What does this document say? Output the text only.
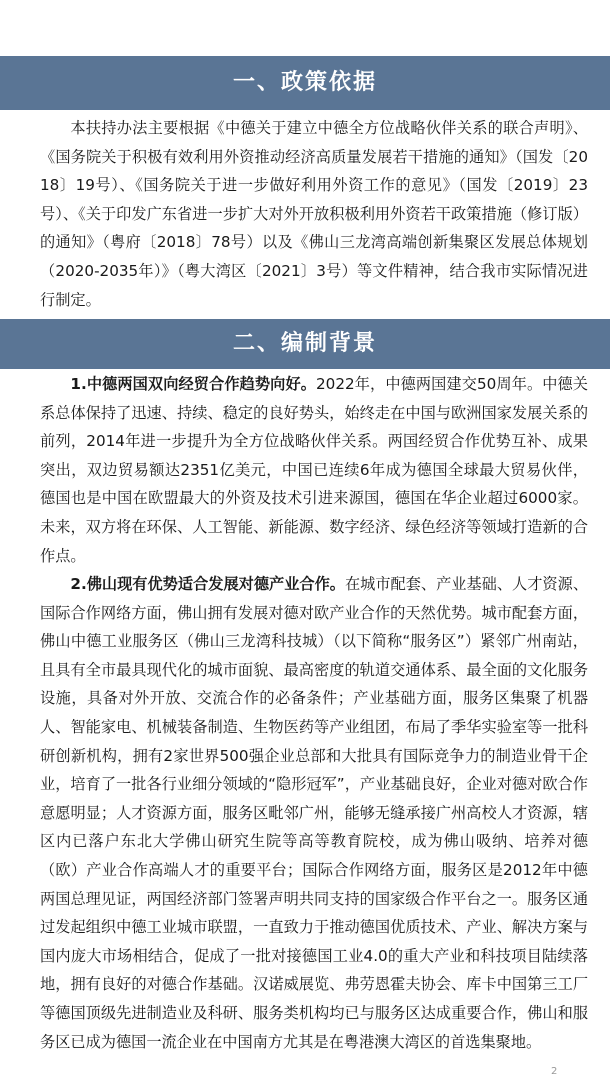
一、政策依据

本扶持办法主要根据《中德关于建立中德全方位战略伙伴关系的联合声明》、《国务院关于积极有效利用外资推动经济高质量发展若干措施的通知》（国发〔2018〕19号）、《国务院关于进一步做好利用外资工作的意见》（国发〔2019〕23号）、《关于印发广东省进一步扩大对外开放积极利用外资若干政策措施（修订版）的通知》（粤府〔2018〕78号）以及《佛山三龙湾高端创新集聚区发展总体规划（2020-2035年）》（粤大湾区〔2021〕3号）等文件精神，结合我市实际情况进行制定。

二、编制背景

1.中德两国双向经贸合作趋势向好。2022年，中德两国建交50周年。中德关系总体保持了迅速、持续、稳定的良好势头，始终走在中国与欧洲国家发展关系的前列，2014年进一步提升为全方位战略伙伴关系。两国经贸合作优势互补、成果突出，双边贸易额达2351亿美元，中国已连续6年成为德国全球最大贸易伙伴，德国也是中国在欧盟最大的外资及技术引进来源国，德国在华企业超过6000家。未来，双方将在环保、人工智能、新能源、数字经济、绿色经济等领域打造新的合作点。

2.佛山现有优势适合发展对德产业合作。在城市配套、产业基础、人才资源、国际合作网络方面，佛山拥有发展对德对欧产业合作的天然优势。城市配套方面，佛山中德工业服务区（佛山三龙湾科技城）（以下简称“服务区”）紧邻广州南站，且具有全市最具现代化的城市面貌、最高密度的轨道交通体系、最全面的文化服务设施，具备对外开放、交流合作的必备条件；产业基础方面，服务区集聚了机器人、智能家电、机械装备制造、生物医药等产业组团，布局了季华实验室等一批科研创新机构，拥有2家世界500强企业总部和大批具有国际竞争力的制造业骨干企业，培育了一批各行业细分领域的“隐形冠军”，产业基础良好，企业对德对欧合作意愿明显；人才资源方面，服务区毗邻广州，能够无缝承接广州高校人才资源，辖区内已落户东北大学佛山研究生院等高等教育院校，成为佛山吸纳、培养对德（欧）产业合作高端人才的重要平台；国际合作网络方面，服务区是2012年中德两国总理见证，两国经济部门签署声明共同支持的国家级合作平台之一。服务区通过发起组织中德工业城市联盟，一直致力于推动德国优质技术、产业、解决方案与国内庞大市场相结合，促成了一批对接德国工业4.0的重大产业和科技项目陆续落地，拥有良好的对德合作基础。汉诺威展览、弗劳恩霍夫协会、库卡中国第三工厂等德国顶级先进制造业及科研、服务类机构均已与服务区达成重要合作，佛山和服务区已成为德国一流企业在中国南方尤其是在粤港澳大湾区的首选集聚地。

2
